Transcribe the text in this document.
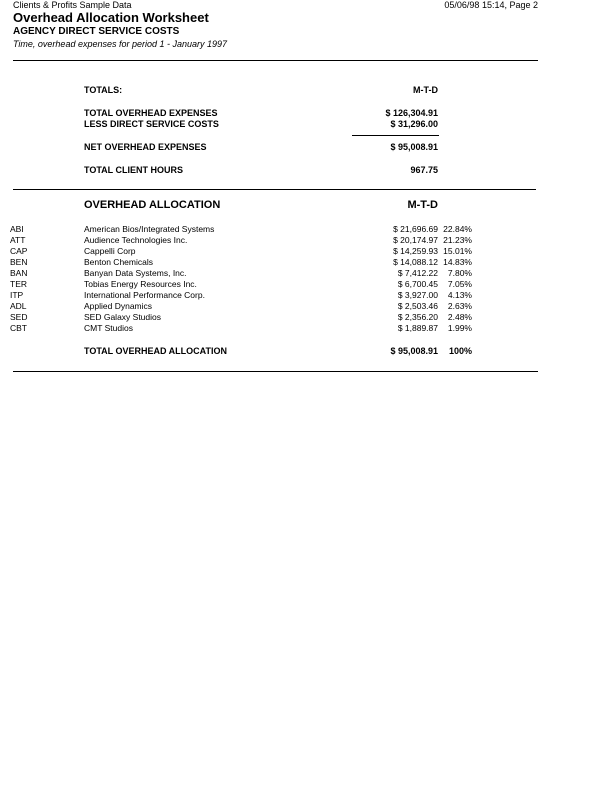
Clients & Profits Sample Data	05/06/98 15:14, Page 2
Overhead Allocation Worksheet
AGENCY DIRECT SERVICE COSTS
Time, overhead expenses for period 1 - January 1997
TOTALS:	M-T-D
TOTAL OVERHEAD EXPENSES	$ 126,304.91
LESS DIRECT SERVICE COSTS	$ 31,296.00
NET OVERHEAD EXPENSES	$ 95,008.91
TOTAL CLIENT HOURS	967.75
OVERHEAD ALLOCATION	M-T-D
ABI	American Bios/Integrated Systems	$ 21,696.69 22.84%
ATT	Audience Technologies Inc.	$ 20,174.97 21.23%
CAP	Cappelli Corp	$ 14,259.93 15.01%
BEN	Benton Chemicals	$ 14,088.12 14.83%
BAN	Banyan Data Systems, Inc.	$ 7,412.22	7.80%
TER	Tobias Energy Resources Inc.	$ 6,700.45	7.05%
ITP	International Performance Corp.	$ 3,927.00	4.13%
ADL	Applied Dynamics	$ 2,503.46	2.63%
SED	SED Galaxy Studios	$ 2,356.20	2.48%
CBT	CMT Studios	$ 1,889.87	1.99%
TOTAL OVERHEAD ALLOCATION	$ 95,008.91	100%
